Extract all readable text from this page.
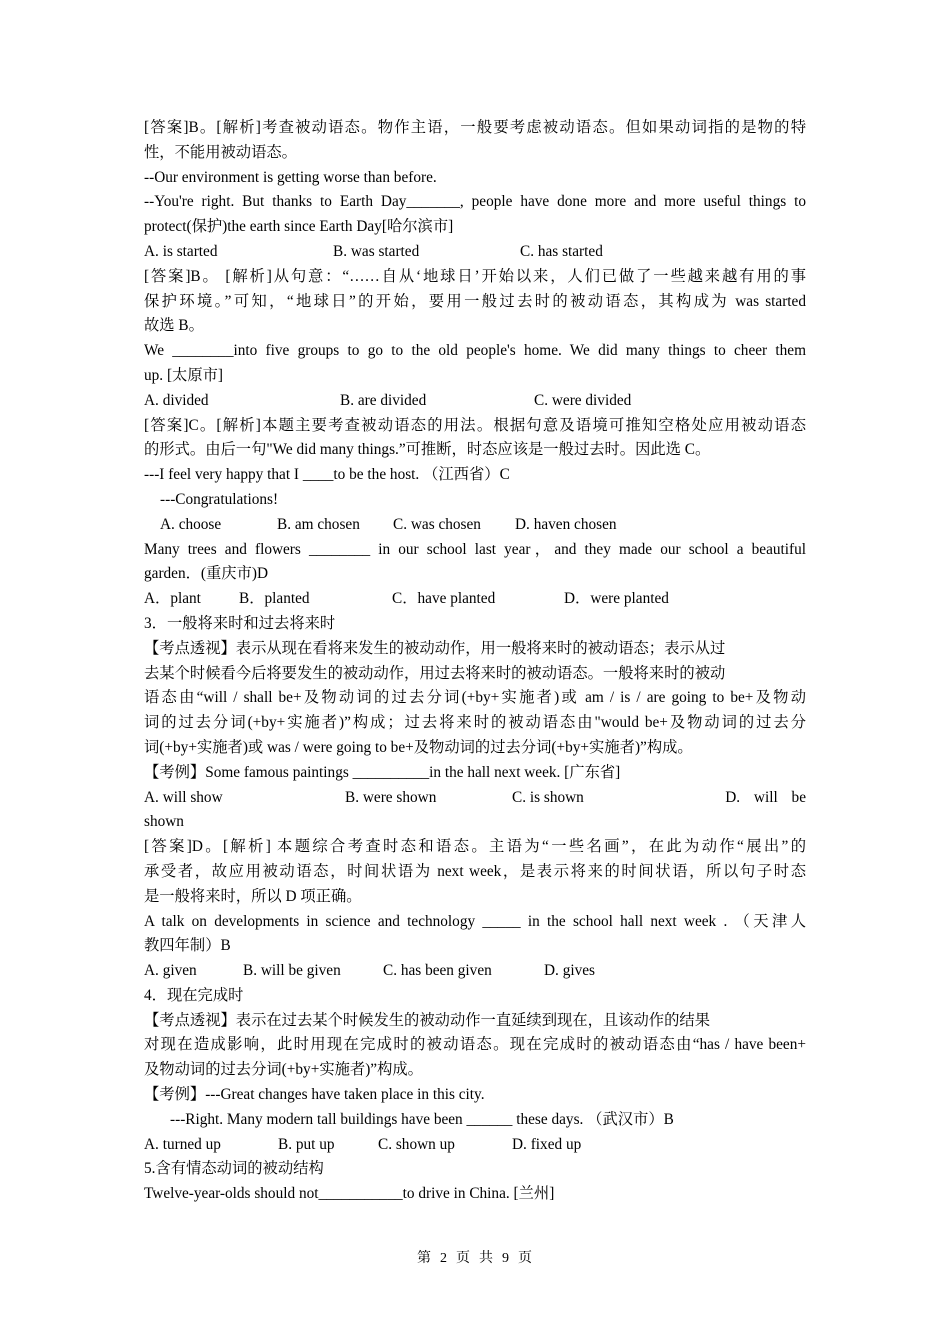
[答案]B。[解析]考查被动语态。物作主语，一般要考虑被动语态。但如果动词指的是物的特
性，不能用被动语态。
--Our environment is getting worse than before.
--You're right. But thanks to Earth Day_______, people have done more and more useful things to
protect(保护)the earth since Earth Day[哈尔滨市]
A. is started	B. was started	C. has started
[答案]B。 [解析]从句意：“……自从‘地球日’开始以来，人们已做了一些越来越有用的事
保护环境。”可知，“地球日”的开始，要用一般过去时的被动语态，其构成为 was started
故选 B。
We ________into five groups to go to the old people's home. We did many things to cheer them
up. [太原市]
A. divided	B. are divided	C. were divided
[答案]C。[解析]本题主要考查被动语态的用法。根据句意及语境可推知空格处应用被动语态
的形式。由后一句"We did many things.”可推断，时态应该是一般过去时。因此选 C。
---I feel very happy that I ____to be the host. （江西省）C
---Congratulations!
A. choose	B. am chosen	C. was chosen	D. haven chosen
Many trees and flowers ________ in our school last year，and they made our school a beautiful
garden．(重庆市)D
A．plant	B．planted	C．have planted	D．were planted
3．一般将来时和过去将来时
【考点透视】表示从现在看将来发生的被动动作，用一般将来时的被动语态；表示从过
去某个时候看今后将要发生的被动动作，用过去将来时的被动语态。一般将来时的被动
语态由“will / shall be+及物动词的过去分词(+by+实施者)或 am / is / are going to be+及物动
词的过去分词(+by+实施者)”构成；过去将来时的被动语态由"would be+及物动词的过去分
词(+by+实施者)或 was / were going to be+及物动词的过去分词(+by+实施者)”构成。
【考例】Some famous paintings __________in the hall next week. [广东省]
A. will show	B. were shown	C. is shown	D. will be
shown
[答案]D。[解析] 本题综合考查时态和语态。主语为“一些名画”，在此为动作“展出”的
承受者，故应用被动语态，时间状语为 next week，是表示将来的时间状语，所以句子时态
是一般将来时，所以 D 项正确。
A talk on developments in science and technology _____ in the school hall next week . （天津人
教四年制）B
A. given	B. will be given	C. has been given	D. gives
4．现在完成时
【考点透视】表示在过去某个时候发生的被动动作一直延续到现在，且该动作的结果
对现在造成影响，此时用现在完成时的被动语态。现在完成时的被动语态由“has / have been+
及物动词的过去分词(+by+实施者)”构成。
【考例】---Great changes have taken place in this city.
---Right. Many modern tall buildings have been ______ these days. （武汉市）B
A. turned up	B. put up	C. shown up	D. fixed up
5.含有情态动词的被动结构
Twelve-year-olds should not___________to drive in China. [兰州]
第 2 页 共 9 页
